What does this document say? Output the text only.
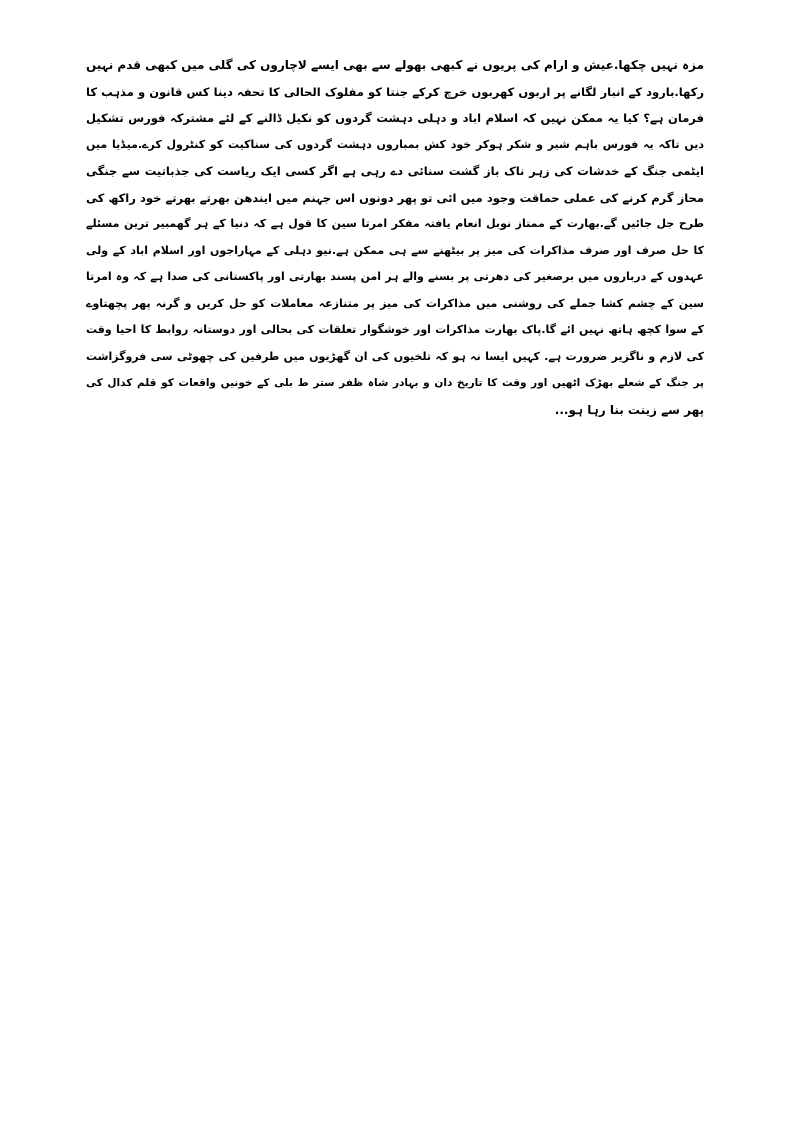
مزہ نہیں چکھا.عیش و ارام کی پریوں نے کبھی بھولے سے بھی ایسے لاچاروں کی گلی میں کبھی قدم نہیں
رکھا.بارود کے انبار لگانے پر اربوں کھربوں خرچ کرکے جنتا کو مفلوک الحالی کا تحفہ دینا کس قانون و مذہب کا
فرمان ہے؟ کیا یہ ممکن نہیں کہ اسلام اباد و دہلی دہشت گردوں کو نکیل ڈالنے کے لئے مشترکہ فورس تشکیل
دیں تاکہ یہ فورس باہم شیر و شکر ہوکر خود کش بمباروں دہشت گردوں کی سناکیت کو کنٹرول کرے.میڈیا میں
ایٹمی جنگ کے خدشات کی زہر ناک باز گشت سنائی دے رہی ہے اگر کسی ایک ریاست کی جذباتیت سے جنگی
محاز گرم کرنے کی عملی حماقت وجود میں ائی تو پھر دونوں اس جہنم میں ایندھن بھرتے بھرتے خود راکھ کی
طرح جل جائیں گے.بھارت کے ممتاز نوبل انعام یافتہ مفکر امرتا سین کا قول ہے کہ دنیا کے ہر گھمبیر ترین مسئلے
کا حل صرف اور صرف مذاکرات کی میز پر بیٹھنے سے ہی ممکن ہے.نیو دہلی کے مہاراجوں اور اسلام اباد کے ولی
عہدوں کے درباروں میں برصغیر کی دھرتی پر بسنے والے ہر امن پسند بھارتی اور پاکستانی کی صدا ہے کہ وہ امرتا
سین کے چشم کشا جملے کی روشنی میں مذاکرات کی میز پر متنازعہ معاملات کو حل کریں و گرنہ پھر پچھتاوے
کے سوا کچھ ہاتھ نہیں ائے گا.پاک بھارت مذاکرات اور خوشگوار تعلقات کی بحالی اور دوستانہ روابط کا احیا وقت
کی لازم و ناگزیر ضرورت ہے. کہیں ایسا نہ ہو کہ تلخیوں کی ان گھڑیوں میں طرفین کی چھوٹی سی فروگزاشت
پر جنگ کے شعلے بھڑک اٹھیں اور وقت کا تاریخ دان و بہادر شاہ ظفر ستر ط بلی کے خونیں واقعات کو قلم کدال کی
پھر سے زینت بنا رہا ہو...
